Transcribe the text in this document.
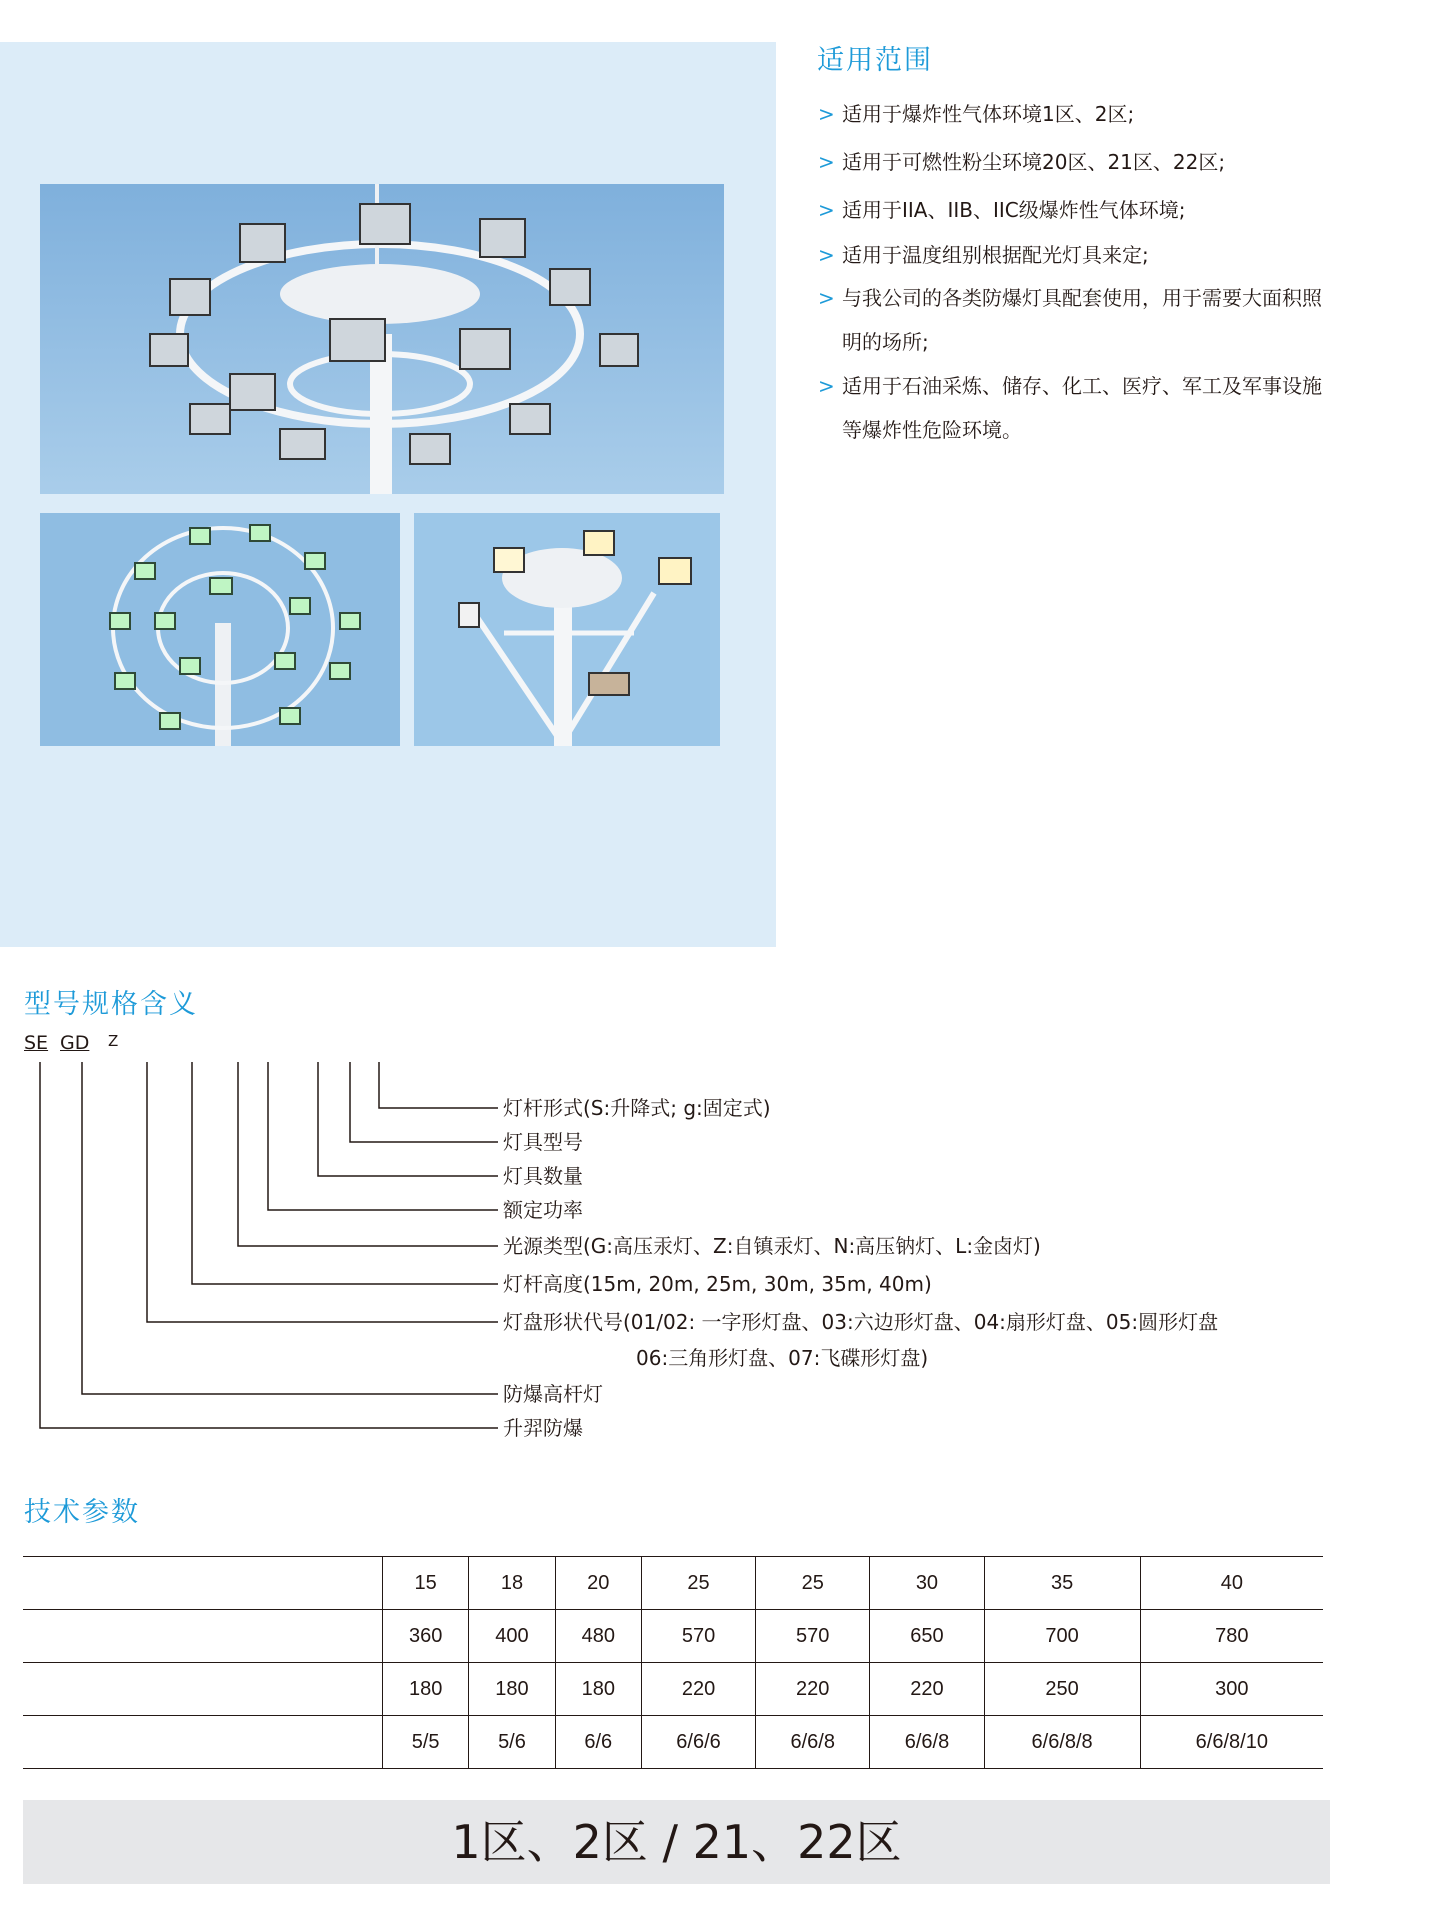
适用范围
> 适用于爆炸性气体环境1区、2区;
> 适用于可燃性粉尘环境20区、21区、22区;
> 适用于IIA、IIB、IIC级爆炸性气体环境;
> 适用于温度组别根据配光灯具来定;
> 与我公司的各类防爆灯具配套使用，用于需要大面积照明的场所;
> 适用于石油采炼、储存、化工、医疗、军工及军事设施等爆炸性危险环境。
型号规格含义
SE GD Z
灯杆形式(S:升降式; g:固定式)
灯具型号
灯具数量
额定功率
光源类型(G:高压汞灯、Z:自镇汞灯、N:高压钠灯、L:金卤灯)
灯杆高度(15m, 20m, 25m, 30m, 35m, 40m)
灯盘形状代号(01/02: 一字形灯盘、03:六边形灯盘、04:扇形灯盘、05:圆形灯盘
06:三角形灯盘、07:飞碟形灯盘)
防爆高杆灯
升羿防爆
技术参数
	15	18	20	25	25	30	35	40
	360	400	480	570	570	650	700	780
	180	180	180	220	220	220	250	300
	5/5	5/6	6/6	6/6/6	6/6/8	6/6/8	6/6/8/8	6/6/8/10
1区、2区 / 21、22区
